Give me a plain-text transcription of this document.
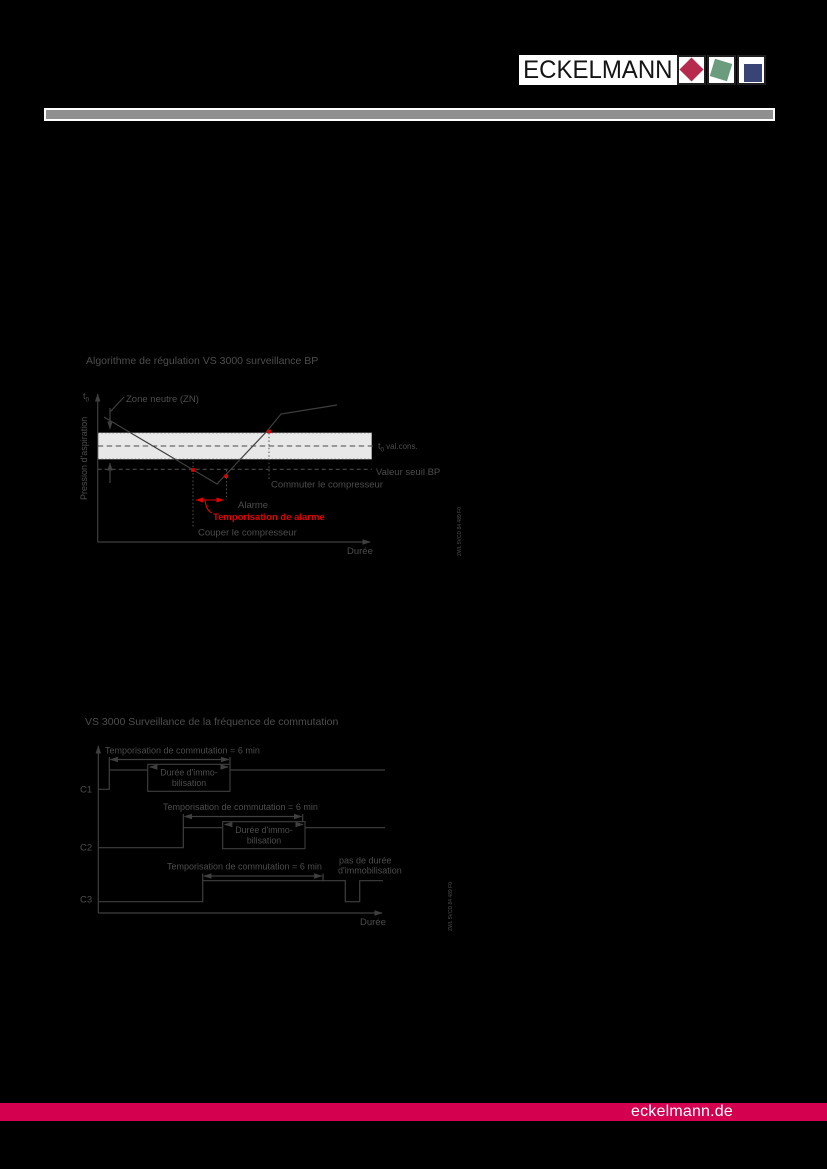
ECKELMANN
Algorithme de régulation VS 3000 surveillance BP
$t_0$
Pression d'aspiration
Durée
Zone neutre (ZN)
$t_0$ val.cons.
Valeur seuil BP
Commuter le compresseur
Alarme
Temporisation de alarme
Couper le compresseur	ZWL 5VCD 84 489 F0
VS 3000 Surveillance de la fréquence de commutation
Durée
Temporisation de commutation = 6 min
Durée d'immo-
bilisation
C1
Temporisation de commutation = 6 min
Durée d'immo-
bilisation
C2
Temporisation de commutation = 6 min
pas de durée
d'immobilisation
C3	ZWL 5VCD 84 489 F0
eckelmann.de
